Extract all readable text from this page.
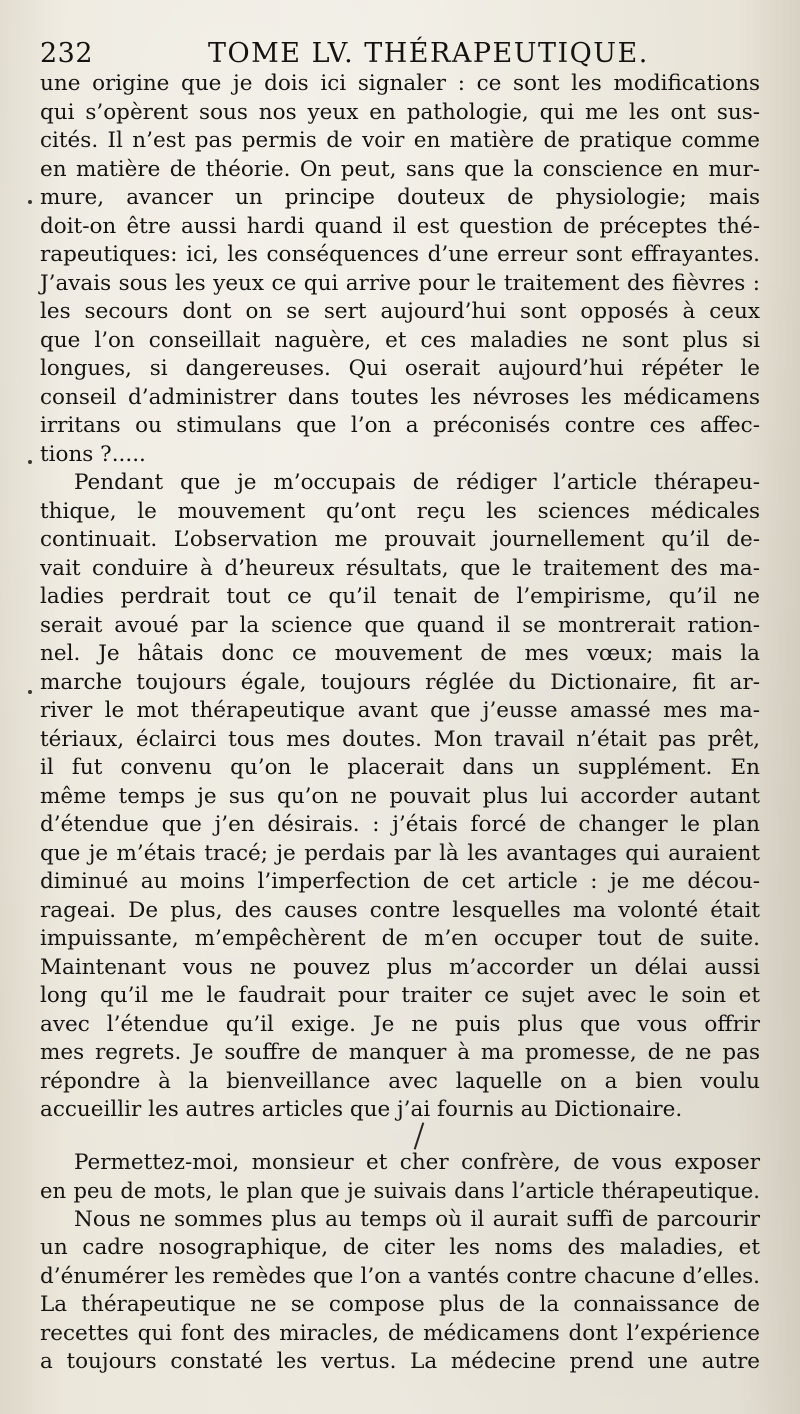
232	TOME LV. THÉRAPEUTIQUE.
une origine que je dois ici signaler : ce sont les modifications
qui s’opèrent sous nos yeux en pathologie, qui me les ont sus-
cités. Il n’est pas permis de voir en matière de pratique comme
en matière de théorie. On peut, sans que la conscience en mur-
mure, avancer un principe douteux de physiologie; mais
doit-on être aussi hardi quand il est question de préceptes thé-
rapeutiques: ici, les conséquences d’une erreur sont effrayantes.
J’avais sous les yeux ce qui arrive pour le traitement des fièvres :
les secours dont on se sert aujourd’hui sont opposés à ceux
que l’on conseillait naguère, et ces maladies ne sont plus si
longues, si dangereuses. Qui oserait aujourd’hui répéter le
conseil d’administrer dans toutes les névroses les médicamens
irritans ou stimulans que l’on a préconisés contre ces affec-
tions ?.....
Pendant que je m’occupais de rédiger l’article thérapeu-
thique, le mouvement qu’ont reçu les sciences médicales
continuait. L’observation me prouvait journellement qu’il de-
vait conduire à d’heureux résultats, que le traitement des ma-
ladies perdrait tout ce qu’il tenait de l’empirisme, qu’il ne
serait avoué par la science que quand il se montrerait ration-
nel. Je hâtais donc ce mouvement de mes vœux; mais la
marche toujours égale, toujours réglée du Dictionaire, fit ar-
river le mot thérapeutique avant que j’eusse amassé mes ma-
tériaux, éclairci tous mes doutes. Mon travail n’était pas prêt,
il fut convenu qu’on le placerait dans un supplément. En
même temps je sus qu’on ne pouvait plus lui accorder autant
d’étendue que j’en désirais. : j’étais forcé de changer le plan
que je m’étais tracé; je perdais par là les avantages qui auraient
diminué au moins l’imperfection de cet article : je me décou-
rageai. De plus, des causes contre lesquelles ma volonté était
impuissante, m’empêchèrent de m’en occuper tout de suite.
Maintenant vous ne pouvez plus m’accorder un délai aussi
long qu’il me le faudrait pour traiter ce sujet avec le soin et
avec l’étendue qu’il exige. Je ne puis plus que vous offrir
mes regrets. Je souffre de manquer à ma promesse, de ne pas
répondre à la bienveillance avec laquelle on a bien voulu
accueillir les autres articles que j’ai fournis au Dictionaire.
Permettez-moi, monsieur et cher confrère, de vous exposer
en peu de mots, le plan que je suivais dans l’article thérapeutique.
Nous ne sommes plus au temps où il aurait suffi de parcourir
un cadre nosographique, de citer les noms des maladies, et
d’énumérer les remèdes que l’on a vantés contre chacune d’elles.
La thérapeutique ne se compose plus de la connaissance de
recettes qui font des miracles, de médicamens dont l’expérience
a toujours constaté les vertus. La médecine prend une autre
